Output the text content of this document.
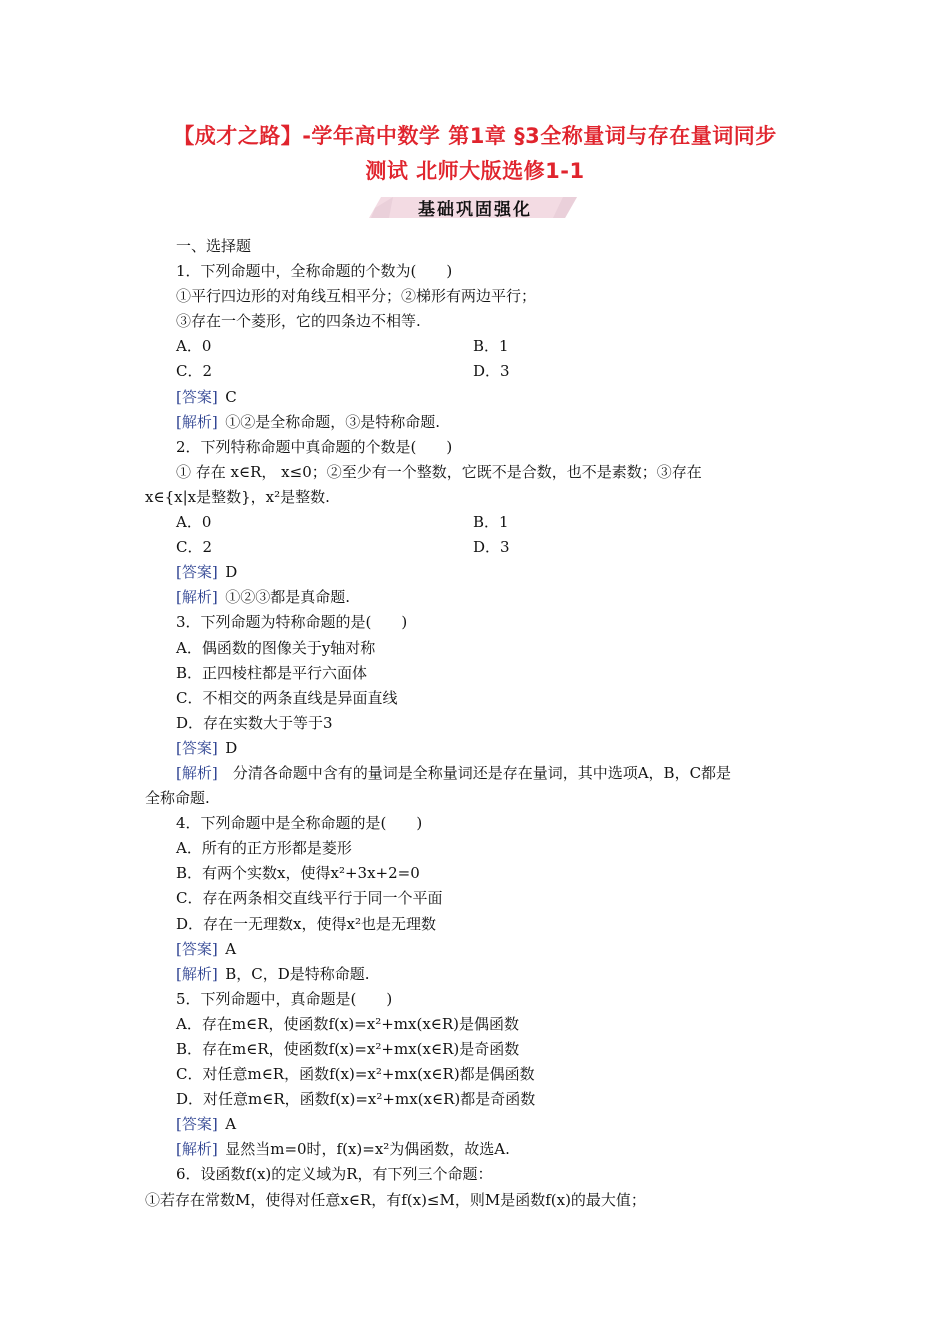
【成才之路】-学年高中数学 第1章 §3全称量词与存在量词同步
测试 北师大版选修1-1
基础巩固强化
一、选择题
1．下列命题中，全称命题的个数为(　　)
①平行四边形的对角线互相平分；②梯形有两边平行；
③存在一个菱形，它的四条边不相等.
A．0	B．1
C．2	D．3
[答案]  C
[解析]  ①②是全称命题，③是特称命题.
2．下列特称命题中真命题的个数是(　　)
① 存在 x∈R， x≤0；②至少有一个整数，它既不是合数，也不是素数；③存在
x∈{x|x是整数}，x²是整数.
A．0	B．1
C．2	D．3
[答案]  D
[解析]  ①②③都是真命题.
3．下列命题为特称命题的是(　　)
A．偶函数的图像关于y轴对称
B．正四棱柱都是平行六面体
C．不相交的两条直线是异面直线
D．存在实数大于等于3
[答案]  D
[解析]   分清各命题中含有的量词是全称量词还是存在量词，其中选项A，B，C都是
全称命题.
4．下列命题中是全称命题的是(　　)
A．所有的正方形都是菱形
B．有两个实数x，使得x²+3x+2=0
C．存在两条相交直线平行于同一个平面
D．存在一无理数x，使得x²也是无理数
[答案]  A
[解析]  B，C，D是特称命题.
5．下列命题中，真命题是(　　)
A．存在m∈R，使函数f(x)=x²+mx(x∈R)是偶函数
B．存在m∈R，使函数f(x)=x²+mx(x∈R)是奇函数
C．对任意m∈R，函数f(x)=x²+mx(x∈R)都是偶函数
D．对任意m∈R，函数f(x)=x²+mx(x∈R)都是奇函数
[答案]  A
[解析]  显然当m=0时，f(x)=x²为偶函数，故选A.
6．设函数f(x)的定义域为R，有下列三个命题：
①若存在常数M，使得对任意x∈R，有f(x)≤M，则M是函数f(x)的最大值；
